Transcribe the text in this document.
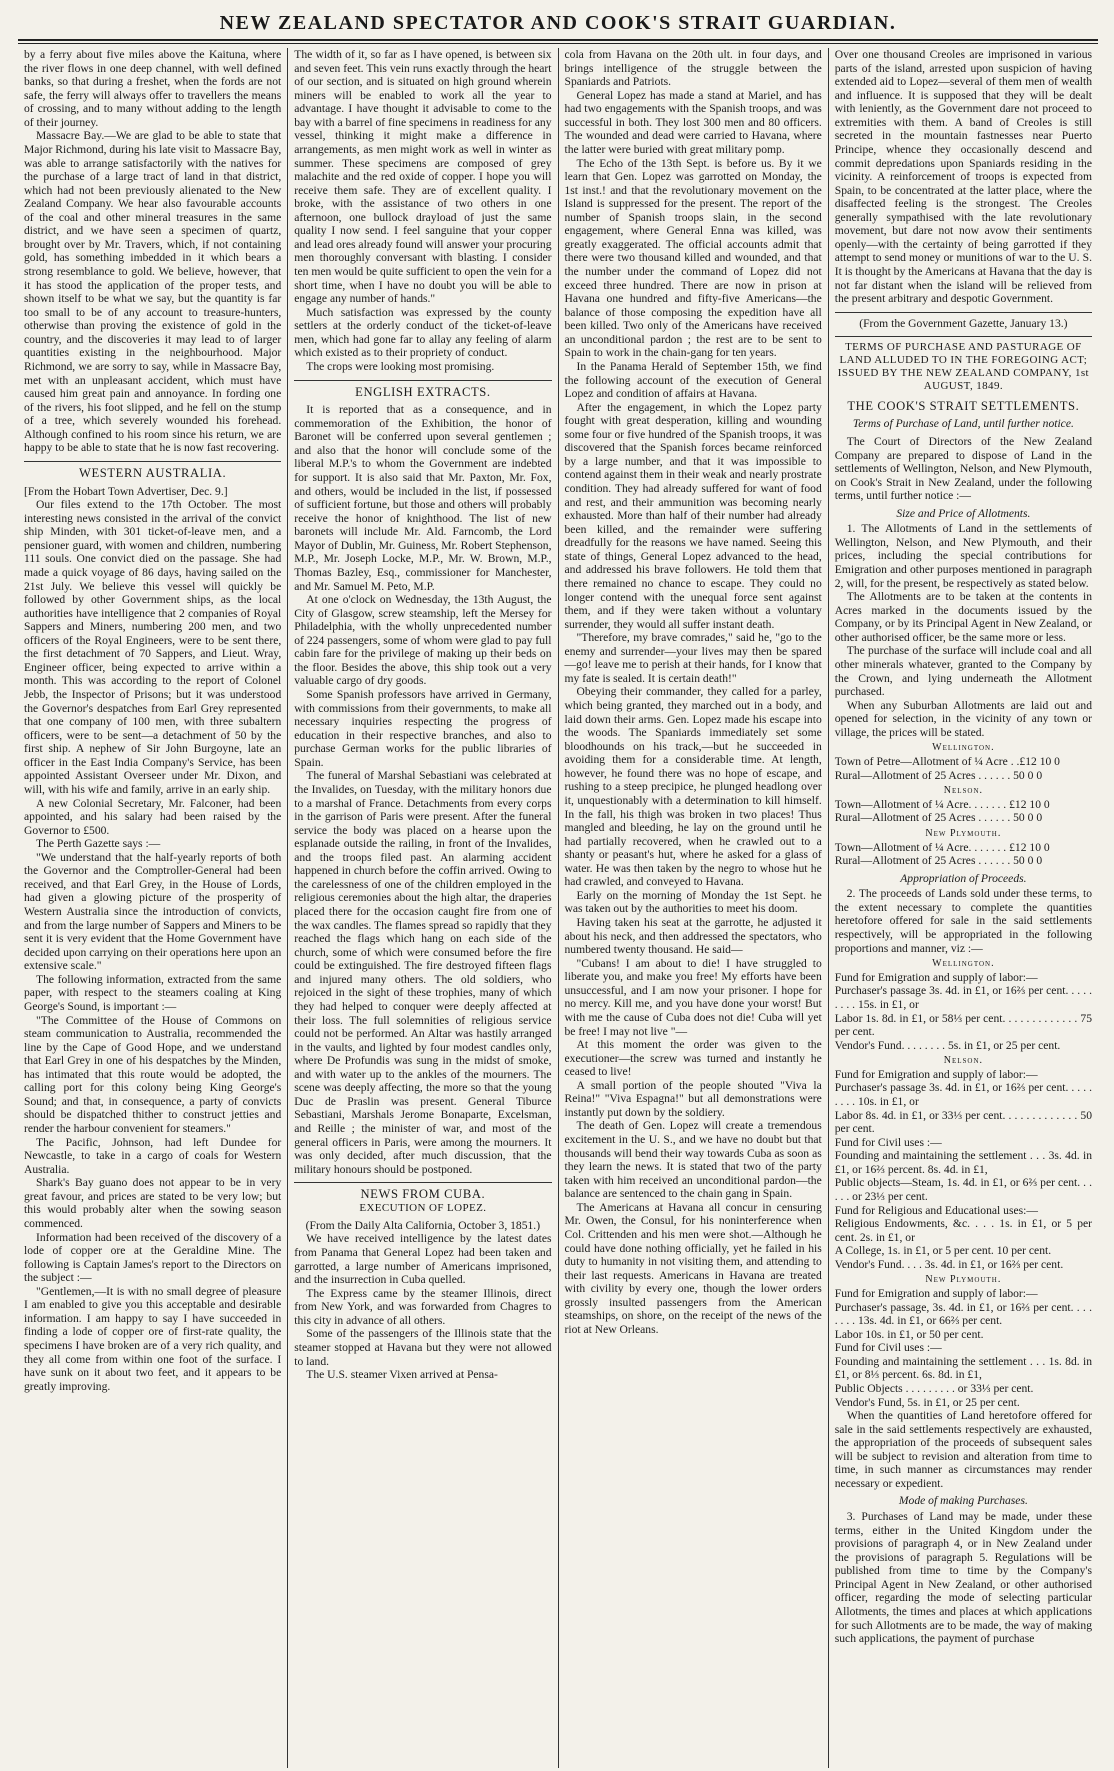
NEW ZEALAND SPECTATOR AND COOK'S STRAIT GUARDIAN.

by a ferry about five miles above the Kaituna, where the river flows in one deep channel, with well defined banks, so that during a freshet, when the fords are not safe, the ferry will always offer to travellers the means of crossing, and to many without adding to the length of their journey.

Massacre Bay.—We are glad to be able to state that Major Richmond, during his late visit to Massacre Bay, was able to arrange satisfactorily with the natives for the purchase of a large tract of land in that district, which had not been previously alienated to the New Zealand Company. We hear also favourable accounts of the coal and other mineral treasures in the same district, and we have seen a specimen of quartz, brought over by Mr. Travers, which, if not containing gold, has something imbedded in it which bears a strong resemblance to gold. We believe, however, that it has stood the application of the proper tests, and shown itself to be what we say, but the quantity is far too small to be of any account to treasure-hunters, otherwise than proving the existence of gold in the country, and the discoveries it may lead to of larger quantities existing in the neighbourhood. Major Richmond, we are sorry to say, while in Massacre Bay, met with an unpleasant accident, which must have caused him great pain and annoyance. In fording one of the rivers, his foot slipped, and he fell on the stump of a tree, which severely wounded his forehead. Although confined to his room since his return, we are happy to be able to state that he is now fast recovering.

WESTERN AUSTRALIA.

[From the Hobart Town Advertiser, Dec. 9.]

Our files extend to the 17th October. The most interesting news consisted in the arrival of the convict ship Minden, with 301 ticket-of-leave men, and a pensioner guard, with women and children, numbering 111 souls. One convict died on the passage. She had made a quick voyage of 86 days, having sailed on the 21st July. We believe this vessel will quickly be followed by other Government ships, as the local authorities have intelligence that 2 companies of Royal Sappers and Miners, numbering 200 men, and two officers of the Royal Engineers, were to be sent there, the first detachment of 70 Sappers, and Lieut. Wray, Engineer officer, being expected to arrive within a month. This was according to the report of Colonel Jebb, the Inspector of Prisons; but it was understood the Governor's despatches from Earl Grey represented that one company of 100 men, with three subaltern officers, were to be sent—a detachment of 50 by the first ship. A nephew of Sir John Burgoyne, late an officer in the East India Company's Service, has been appointed Assistant Overseer under Mr. Dixon, and will, with his wife and family, arrive in an early ship.

A new Colonial Secretary, Mr. Falconer, had been appointed, and his salary had been raised by the Governor to £500.

The Perth Gazette says :—

"We understand that the half-yearly reports of both the Governor and the Comptroller-General had been received, and that Earl Grey, in the House of Lords, had given a glowing picture of the prosperity of Western Australia since the introduction of convicts, and from the large number of Sappers and Miners to be sent it is very evident that the Home Government have decided upon carrying on their operations here upon an extensive scale."

The following information, extracted from the same paper, with respect to the steamers coaling at King George's Sound, is important :—

"The Committee of the House of Commons on steam communication to Australia, recommended the line by the Cape of Good Hope, and we understand that Earl Grey in one of his despatches by the Minden, has intimated that this route would be adopted, the calling port for this colony being King George's Sound; and that, in consequence, a party of convicts should be dispatched thither to construct jetties and render the harbour convenient for steamers."

The Pacific, Johnson, had left Dundee for Newcastle, to take in a cargo of coals for Western Australia.

Shark's Bay guano does not appear to be in very great favour, and prices are stated to be very low; but this would probably alter when the sowing season commenced.

Information had been received of the discovery of a lode of copper ore at the Geraldine Mine. The following is Captain James's report to the Directors on the subject :—

"Gentlemen,—It is with no small degree of pleasure I am enabled to give you this acceptable and desirable information. I am happy to say I have succeeded in finding a lode of copper ore of first-rate quality, the specimens I have broken are of a very rich quality, and they all come from within one foot of the surface. I have sunk on it about two feet, and it appears to be greatly improving.

The width of it, so far as I have opened, is between six and seven feet. This vein runs exactly through the heart of our section, and is situated on high ground wherein miners will be enabled to work all the year to advantage. I have thought it advisable to come to the bay with a barrel of fine specimens in readiness for any vessel, thinking it might make a difference in arrangements, as men might work as well in winter as summer. These specimens are composed of grey malachite and the red oxide of copper. I hope you will receive them safe. They are of excellent quality. I broke, with the assistance of two others in one afternoon, one bullock drayload of just the same quality I now send. I feel sanguine that your copper and lead ores already found will answer your procuring men thoroughly conversant with blasting. I consider ten men would be quite sufficient to open the vein for a short time, when I have no doubt you will be able to engage any number of hands."

Much satisfaction was expressed by the county settlers at the orderly conduct of the ticket-of-leave men, which had gone far to allay any feeling of alarm which existed as to their propriety of conduct.

The crops were looking most promising.

ENGLISH EXTRACTS.

It is reported that as a consequence, and in commemoration of the Exhibition, the honor of Baronet will be conferred upon several gentlemen ; and also that the honor will conclude some of the liberal M.P.'s to whom the Government are indebted for support. It is also said that Mr. Paxton, Mr. Fox, and others, would be included in the list, if possessed of sufficient fortune, but those and others will probably receive the honor of knighthood. The list of new baronets will include Mr. Ald. Farncomb, the Lord Mayor of Dublin, Mr. Guiness, Mr. Robert Stephenson, M.P., Mr. Joseph Locke, M.P., Mr. W. Brown, M.P., Thomas Bazley, Esq., commissioner for Manchester, and Mr. Samuel M. Peto, M.P.

At one o'clock on Wednesday, the 13th August, the City of Glasgow, screw steamship, left the Mersey for Philadelphia, with the wholly unprecedented number of 224 passengers, some of whom were glad to pay full cabin fare for the privilege of making up their beds on the floor. Besides the above, this ship took out a very valuable cargo of dry goods.

Some Spanish professors have arrived in Germany, with commissions from their governments, to make all necessary inquiries respecting the progress of education in their respective branches, and also to purchase German works for the public libraries of Spain.

The funeral of Marshal Sebastiani was celebrated at the Invalides, on Tuesday, with the military honors due to a marshal of France. Detachments from every corps in the garrison of Paris were present. After the funeral service the body was placed on a hearse upon the esplanade outside the railing, in front of the Invalides, and the troops filed past. An alarming accident happened in church before the coffin arrived. Owing to the carelessness of one of the children employed in the religious ceremonies about the high altar, the draperies placed there for the occasion caught fire from one of the wax candles. The flames spread so rapidly that they reached the flags which hang on each side of the church, some of which were consumed before the fire could be extinguished. The fire destroyed fifteen flags and injured many others. The old soldiers, who rejoiced in the sight of these trophies, many of which they had helped to conquer were deeply affected at their loss. The full solemnities of religious service could not be performed. An Altar was hastily arranged in the vaults, and lighted by four modest candles only, where De Profundis was sung in the midst of smoke, and with water up to the ankles of the mourners. The scene was deeply affecting, the more so that the young Duc de Praslin was present. General Tiburce Sebastiani, Marshals Jerome Bonaparte, Excelsman, and Reille ; the minister of war, and most of the general officers in Paris, were among the mourners. It was only decided, after much discussion, that the military honours should be postponed.

NEWS FROM CUBA.
EXECUTION OF LOPEZ.

(From the Daily Alta California, October 3, 1851.)

We have received intelligence by the latest dates from Panama that General Lopez had been taken and garrotted, a large number of Americans imprisoned, and the insurrection in Cuba quelled.

The Express came by the steamer Illinois, direct from New York, and was forwarded from Chagres to this city in advance of all others.

Some of the passengers of the Illinois state that the steamer stopped at Havana but they were not allowed to land.

The U.S. steamer Vixen arrived at Pensa-

cola from Havana on the 20th ult. in four days, and brings intelligence of the struggle between the Spaniards and Patriots.

General Lopez has made a stand at Mariel, and has had two engagements with the Spanish troops, and was successful in both. They lost 300 men and 80 officers. The wounded and dead were carried to Havana, where the latter were buried with great military pomp.

The Echo of the 13th Sept. is before us. By it we learn that Gen. Lopez was garrotted on Monday, the 1st inst.! and that the revolutionary movement on the Island is suppressed for the present. The report of the number of Spanish troops slain, in the second engagement, where General Enna was killed, was greatly exaggerated. The official accounts admit that there were two thousand killed and wounded, and that the number under the command of Lopez did not exceed three hundred. There are now in prison at Havana one hundred and fifty-five Americans—the balance of those composing the expedition have all been killed. Two only of the Americans have received an unconditional pardon ; the rest are to be sent to Spain to work in the chain-gang for ten years.

In the Panama Herald of September 15th, we find the following account of the execution of General Lopez and condition of affairs at Havana.

After the engagement, in which the Lopez party fought with great desperation, killing and wounding some four or five hundred of the Spanish troops, it was discovered that the Spanish forces became reinforced by a large number, and that it was impossible to contend against them in their weak and nearly prostrate condition. They had already suffered for want of food and rest, and their ammunition was becoming nearly exhausted. More than half of their number had already been killed, and the remainder were suffering dreadfully for the reasons we have named. Seeing this state of things, General Lopez advanced to the head, and addressed his brave followers. He told them that there remained no chance to escape. They could no longer contend with the unequal force sent against them, and if they were taken without a voluntary surrender, they would all suffer instant death.

"Therefore, my brave comrades," said he, "go to the enemy and surrender—your lives may then be spared—go! leave me to perish at their hands, for I know that my fate is sealed. It is certain death!"

Obeying their commander, they called for a parley, which being granted, they marched out in a body, and laid down their arms. Gen. Lopez made his escape into the woods. The Spaniards immediately set some bloodhounds on his track,—but he succeeded in avoiding them for a considerable time. At length, however, he found there was no hope of escape, and rushing to a steep precipice, he plunged headlong over it, unquestionably with a determination to kill himself. In the fall, his thigh was broken in two places! Thus mangled and bleeding, he lay on the ground until he had partially recovered, when he crawled out to a shanty or peasant's hut, where he asked for a glass of water. He was then taken by the negro to whose hut he had crawled, and conveyed to Havana.

Early on the morning of Monday the 1st Sept. he was taken out by the authorities to meet his doom.

Having taken his seat at the garrotte, he adjusted it about his neck, and then addressed the spectators, who numbered twenty thousand. He said—

"Cubans! I am about to die! I have struggled to liberate you, and make you free! My efforts have been unsuccessful, and I am now your prisoner. I hope for no mercy. Kill me, and you have done your worst! But with me the cause of Cuba does not die! Cuba will yet be free! I may not live "—

At this moment the order was given to the executioner—the screw was turned and instantly he ceased to live!

A small portion of the people shouted "Viva la Reina!" "Viva Espagna!" but all demonstrations were instantly put down by the soldiery.

The death of Gen. Lopez will create a tremendous excitement in the U. S., and we have no doubt but that thousands will bend their way towards Cuba as soon as they learn the news. It is stated that two of the party taken with him received an unconditional pardon—the balance are sentenced to the chain gang in Spain.

The Americans at Havana all concur in censuring Mr. Owen, the Consul, for his noninterference when Col. Crittenden and his men were shot.—Although he could have done nothing officially, yet he failed in his duty to humanity in not visiting them, and attending to their last requests. Americans in Havana are treated with civility by every one, though the lower orders grossly insulted passengers from the American steamships, on shore, on the receipt of the news of the riot at New Orleans.

Over one thousand Creoles are imprisoned in various parts of the island, arrested upon suspicion of having extended aid to Lopez—several of them men of wealth and influence. It is supposed that they will be dealt with leniently, as the Government dare not proceed to extremities with them. A band of Creoles is still secreted in the mountain fastnesses near Puerto Principe, whence they occasionally descend and commit depredations upon Spaniards residing in the vicinity. A reinforcement of troops is expected from Spain, to be concentrated at the latter place, where the disaffected feeling is the strongest. The Creoles generally sympathised with the late revolutionary movement, but dare not now avow their sentiments openly—with the certainty of being garrotted if they attempt to send money or munitions of war to the U. S. It is thought by the Americans at Havana that the day is not far distant when the island will be relieved from the present arbitrary and despotic Government.

(From the Government Gazette, January 13.)

TERMS OF PURCHASE AND PASTURAGE OF LAND ALLUDED TO IN THE FOREGOING ACT; ISSUED BY THE NEW ZEALAND COMPANY, 1st AUGUST, 1849.
THE COOK'S STRAIT SETTLEMENTS.
Terms of Purchase of Land, until further notice.

The Court of Directors of the New Zealand Company are prepared to dispose of Land in the settlements of Wellington, Nelson, and New Plymouth, on Cook's Strait in New Zealand, under the following terms, until further notice :—

Size and Price of Allotments.

1. The Allotments of Land in the settlements of Wellington, Nelson, and New Plymouth, and their prices, including the special contributions for Emigration and other purposes mentioned in paragraph 2, will, for the present, be respectively as stated below.

The Allotments are to be taken at the contents in Acres marked in the documents issued by the Company, or by its Principal Agent in New Zealand, or other authorised officer, be the same more or less.

The purchase of the surface will include coal and all other minerals whatever, granted to the Company by the Crown, and lying underneath the Allotment purchased.

When any Suburban Allotments are laid out and opened for selection, in the vicinity of any town or village, the prices will be stated.

Wellington.

Town of Petre—Allotment of ¼ Acre . .£12 10 0

Rural—Allotment of 25 Acres . . . . . . 50 0 0

Nelson.

Town—Allotment of ¼ Acre. . . . . . . £12 10 0

Rural—Allotment of 25 Acres . . . . . . 50 0 0

New Plymouth.

Town—Allotment of ¼ Acre. . . . . . . £12 10 0

Rural—Allotment of 25 Acres . . . . . . 50 0 0

Appropriation of Proceeds.

2. The proceeds of Lands sold under these terms, to the extent necessary to complete the quantities heretofore offered for sale in the said settlements respectively, will be appropriated in the following proportions and manner, viz :—

Wellington.

Fund for Emigration and supply of labor:—

Purchaser's passage 3s. 4d. in £1, or 16⅔ per cent. . . . . . . . . 15s. in £1, or

Labor 1s. 8d. in £1, or 58⅓ per cent. . . . . . . . . . . . . 75 per cent.

Vendor's Fund. . . . . . . . 5s. in £1, or 25 per cent.

Nelson.

Fund for Emigration and supply of labor:—

Purchaser's passage 3s. 4d. in £1, or 16⅔ per cent. . . . . . . . . 10s. in £1, or

Labor 8s. 4d. in £1, or 33⅓ per cent. . . . . . . . . . . . . 50 per cent.

Fund for Civil uses :—

Founding and maintaining the settlement . . . 3s. 4d. in £1, or 16⅔ percent. 8s. 4d. in £1,

Public objects—Steam, 1s. 4d. in £1, or 6⅔ per cent. . . . . . or 23⅓ per cent.

Fund for Religious and Educational uses:—

Religious Endowments, &c. . . . 1s. in £1, or 5 per cent. 2s. in £1, or

A College, 1s. in £1, or 5 per cent. 10 per cent.

Vendor's Fund. . . . 3s. 4d. in £1, or 16⅔ per cent.

New Plymouth.

Fund for Emigration and supply of labor:—

Purchaser's passage, 3s. 4d. in £1, or 16⅔ per cent. . . . . . . . 13s. 4d. in £1, or 66⅔ per cent.

Labor 10s. in £1, or 50 per cent.

Fund for Civil uses :—

Founding and maintaining the settlement . . . 1s. 8d. in £1, or 8⅓ percent. 6s. 8d. in £1,

Public Objects . . . . . . . . . or 33⅓ per cent.

Vendor's Fund, 5s. in £1, or 25 per cent.

When the quantities of Land heretofore offered for sale in the said settlements respectively are exhausted, the appropriation of the proceeds of subsequent sales will be subject to revision and alteration from time to time, in such manner as circumstances may render necessary or expedient.

Mode of making Purchases.

3. Purchases of Land may be made, under these terms, either in the United Kingdom under the provisions of paragraph 4, or in New Zealand under the provisions of paragraph 5. Regulations will be published from time to time by the Company's Principal Agent in New Zealand, or other authorised officer, regarding the mode of selecting particular Allotments, the times and places at which applications for such Allotments are to be made, the way of making such applications, the payment of purchase
